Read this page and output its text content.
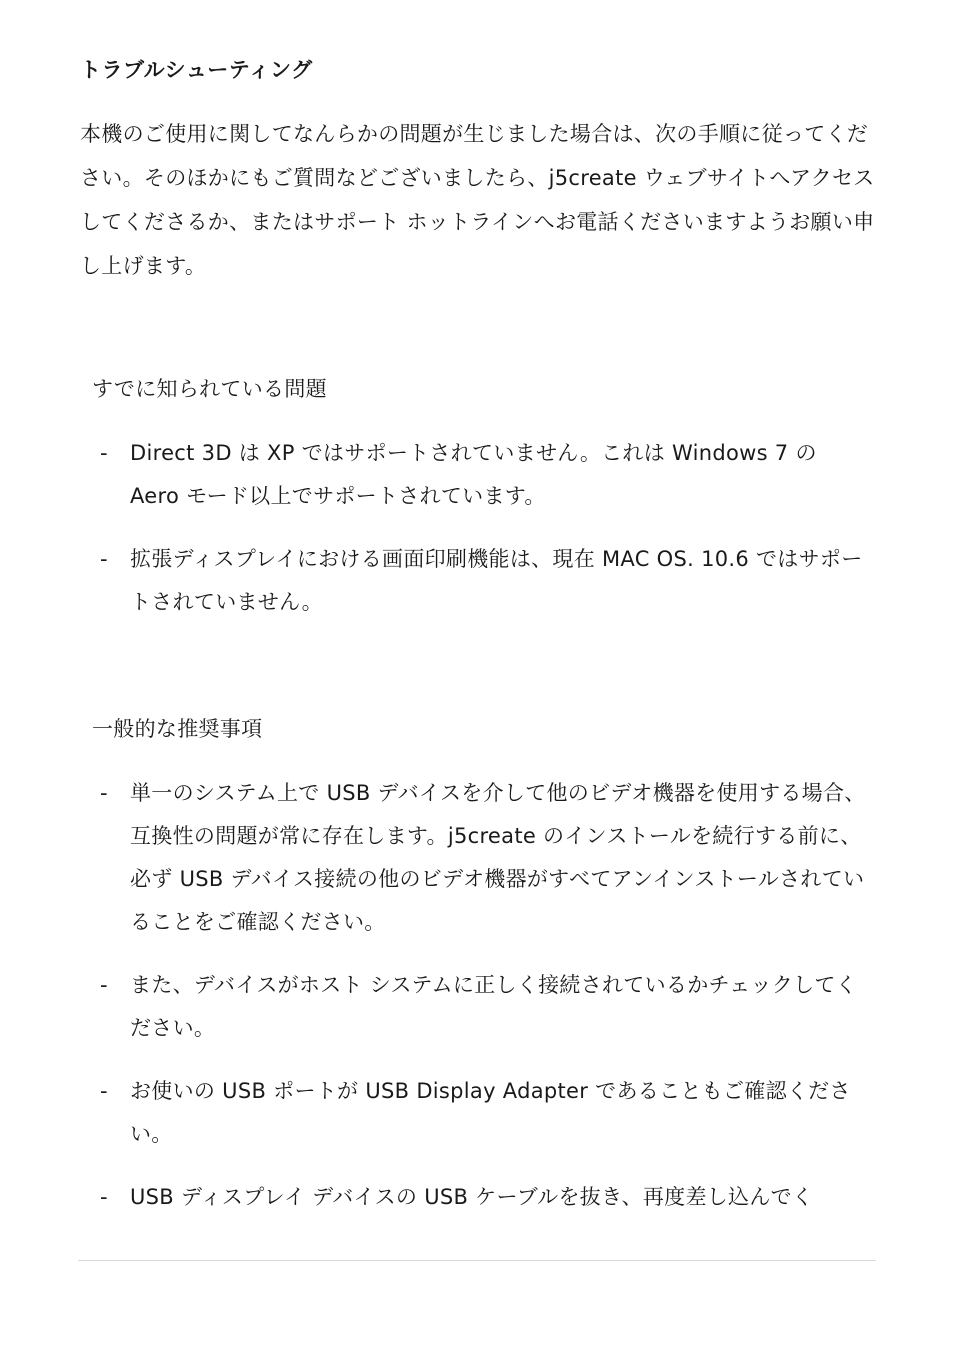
トラブルシューティング
本機のご使用に関してなんらかの問題が生じました場合は、次の手順に従ってください。そのほかにもご質問などございましたら、j5create ウェブサイトへアクセスしてくださるか、またはサポート ホットラインへお電話くださいますようお願い申し上げます。
すでに知られている問題
- Direct 3D は XP ではサポートされていません。これは Windows 7 の Aero モード以上でサポートされています。
- 拡張ディスプレイにおける画面印刷機能は、現在 MAC OS. 10.6 ではサポートされていません。
一般的な推奨事項
- 単一のシステム上で USB デバイスを介して他のビデオ機器を使用する場合、互換性の問題が常に存在します。j5create のインストールを続行する前に、必ず USB デバイス接続の他のビデオ機器がすべてアンインストールされていることをご確認ください。
- また、デバイスがホスト システムに正しく接続されているかチェックしてください。
- お使いの USB ポートが USB Display Adapter であることもご確認ください。
- USB ディスプレイ デバイスの USB ケーブルを抜き、再度差し込んでく
